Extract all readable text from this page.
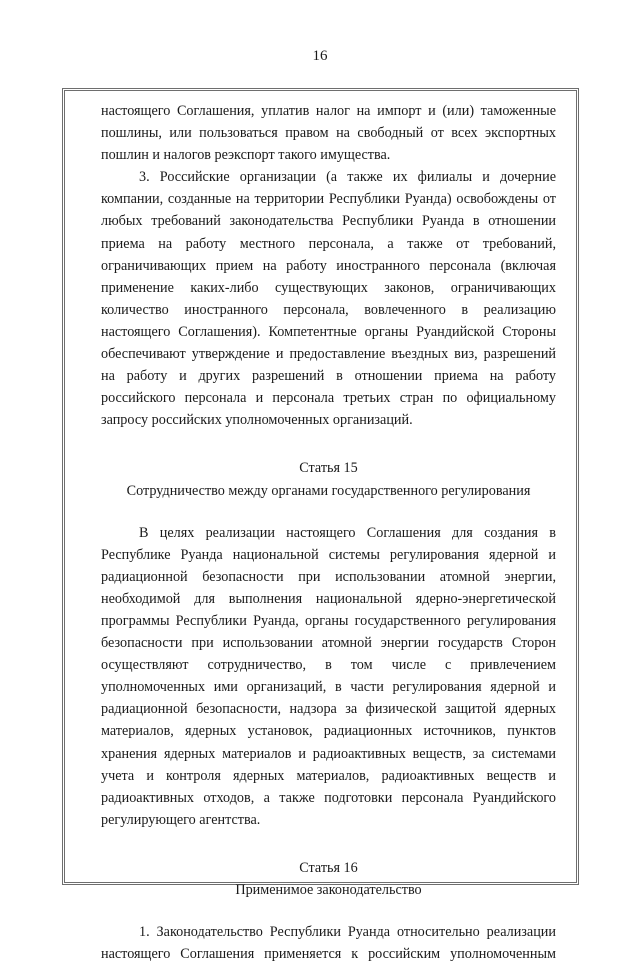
16

настоящего Соглашения, уплатив налог на импорт и (или) таможенные
пошлины, или пользоваться правом на свободный от всех экспортных
пошлин и налогов реэкспорт такого имущества.

3. Российские организации (а также их филиалы и дочерние
компании, созданные на территории Республики Руанда) освобождены от
любых требований законодательства Республики Руанда в отношении
приема на работу местного персонала, а также от требований,
ограничивающих прием на работу иностранного персонала (включая
применение каких-либо существующих законов, ограничивающих
количество иностранного персонала, вовлеченного в реализацию
настоящего Соглашения). Компетентные органы Руандийской Стороны
обеспечивают утверждение и предоставление въездных виз, разрешений
на работу и других разрешений в отношении приема на работу
российского персонала и персонала третьих стран по официальному
запросу российских уполномоченных организаций.

Статья 15

Сотрудничество между органами государственного регулирования

В целях реализации настоящего Соглашения для создания в
Республике Руанда национальной системы регулирования ядерной и
радиационной безопасности при использовании атомной энергии,
необходимой для выполнения национальной ядерно-энергетической
программы Республики Руанда, органы государственного регулирования
безопасности при использовании атомной энергии государств Сторон
осуществляют сотрудничество, в том числе с привлечением
уполномоченных ими организаций, в части регулирования ядерной и
радиационной безопасности, надзора за физической защитой ядерных
материалов, ядерных установок, радиационных источников, пунктов
хранения ядерных материалов и радиоактивных веществ, за системами
учета и контроля ядерных материалов, радиоактивных веществ и
радиоактивных отходов, а также подготовки персонала Руандийского
регулирующего агентства.

Статья 16

Применимое законодательство

1. Законодательство Республики Руанда относительно реализации
настоящего Соглашения применяется к российским уполномоченным
